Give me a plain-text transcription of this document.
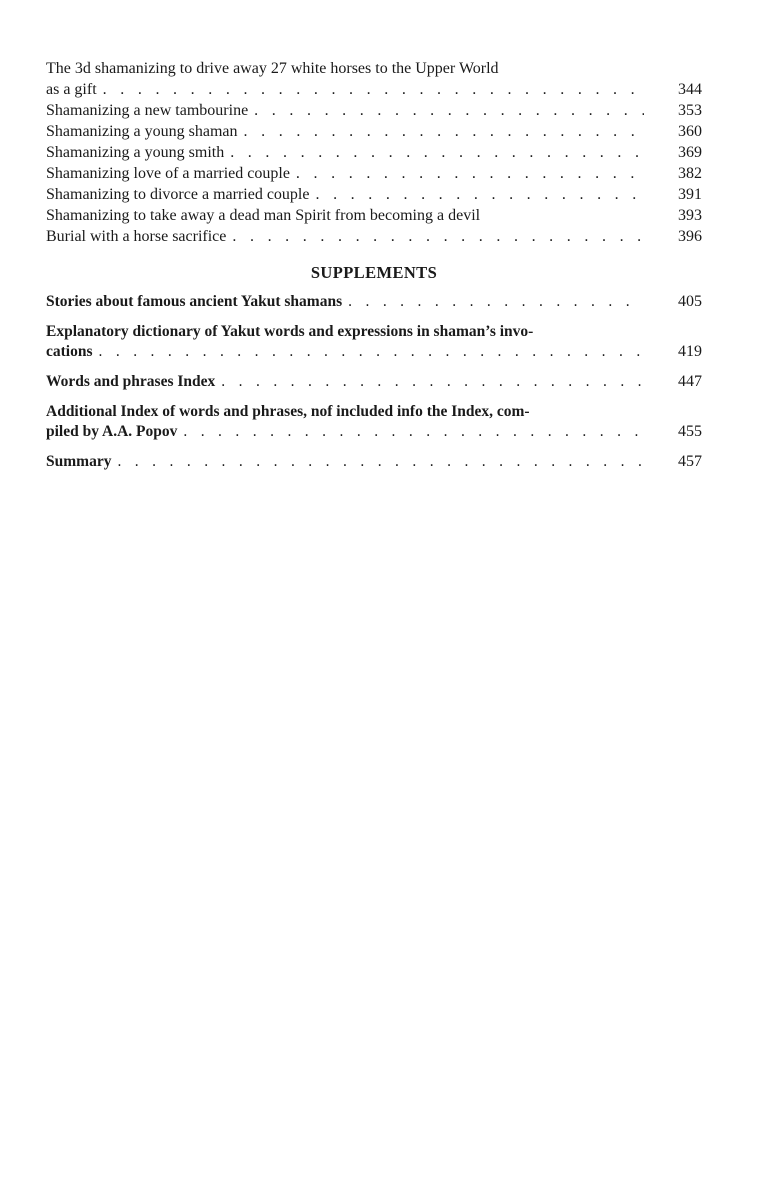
The 3d shamanizing to drive away 27 white horses to the Upper World
as a gift . . .	344
Shamanizing a new tambourine . . .	353
Shamanizing a young shaman . . .	360
Shamanizing a young smith . . .	369
Shamanizing love of a married couple . . .	382
Shamanizing to divorce a married couple . . .	391
Shamanizing to take away a dead man Spirit from becoming a devil	393
Burial with a horse sacrifice . . .	396
SUPPLEMENTS
Stories about famous ancient Yakut shamans . . .	405
Explanatory dictionary of Yakut words and expressions in shaman’s invo-
cations . . .	419
Words and phrases Index . . .	447
Additional Index of words and phrases, nof included info the Index, com-
piled by A.A. Popov . . .	455
Summary . . .	457
